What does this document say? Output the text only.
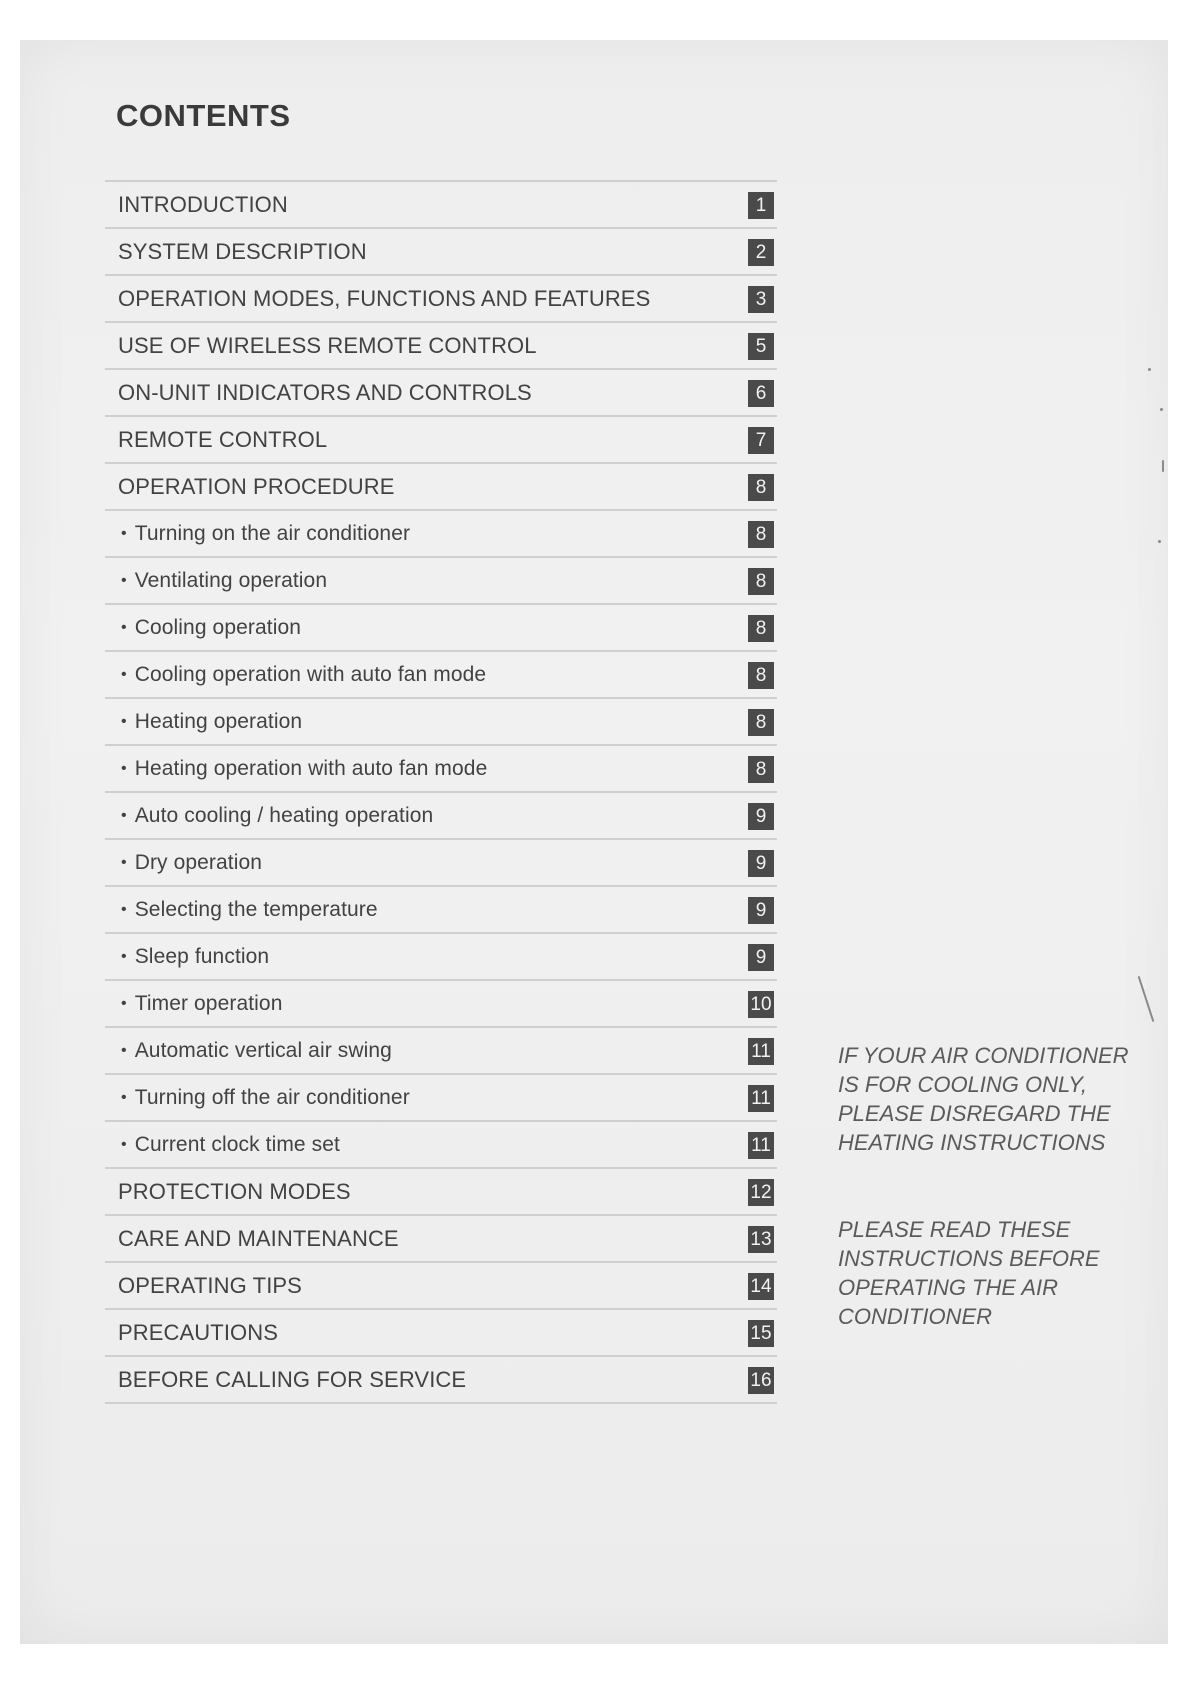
CONTENTS
INTRODUCTION	1
SYSTEM DESCRIPTION	2
OPERATION MODES, FUNCTIONS AND FEATURES	3
USE OF WIRELESS REMOTE CONTROL	5
ON-UNIT INDICATORS AND CONTROLS	6
REMOTE CONTROL	7
OPERATION PROCEDURE	8
• Turning on the air conditioner	8
• Ventilating operation	8
• Cooling operation	8
• Cooling operation with auto fan mode	8
• Heating operation	8
• Heating operation with auto fan mode	8
• Auto cooling / heating operation	9
• Dry operation	9
• Selecting the temperature	9
• Sleep function	9
• Timer operation	10
• Automatic vertical air swing	11
• Turning off the air conditioner	11
• Current clock time set	11
PROTECTION MODES	12
CARE AND MAINTENANCE	13
OPERATING TIPS	14
PRECAUTIONS	15
BEFORE CALLING FOR SERVICE	16
IF YOUR AIR CONDITIONER IS FOR COOLING ONLY, PLEASE DISREGARD THE HEATING INSTRUCTIONS
PLEASE READ THESE INSTRUCTIONS BEFORE OPERATING THE AIR CONDITIONER
